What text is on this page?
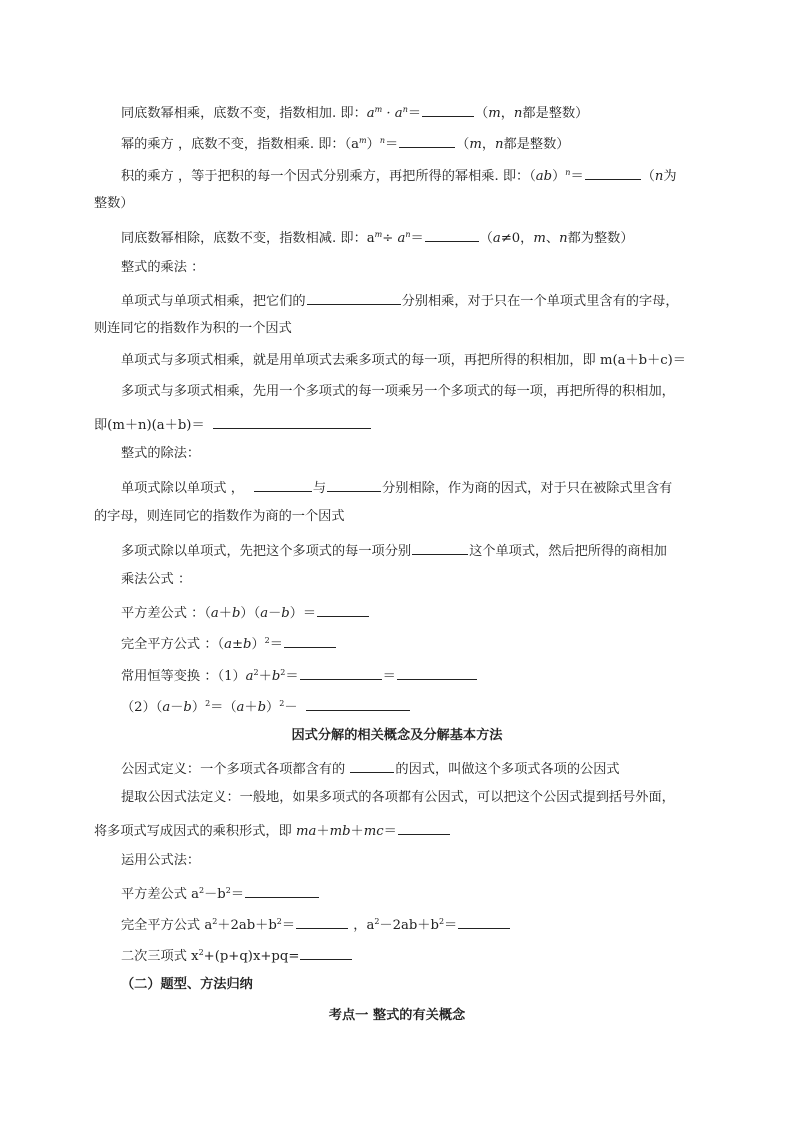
同底数幂相乘，底数不变，指数相加. 即：$a^m \cdot a^n=$	（m，n都是整数）
幂的乘方 ，底数不变，指数相乘. 即：$(a^m)^n=$	（m，n都是整数）
积的乘方 ，等于把积的每一个因式分别乘方，再把所得的幂相乘. 即：（ab）$^n$＝	（n为
整数）
同底数幂相除，底数不变，指数相减. 即：$a^m\div a^n=$	（a≠0，m、n都为整数）
整式的乘法 ：
单项式与单项式相乘，把它们的	分别相乘，对于只在一个单项式里含有的字母，
则连同它的指数作为积的一个因式
单项式与多项式相乘，就是用单项式去乘多项式的每一项，再把所得的积相加，即 m(a＋b＋c)＝
多项式与多项式相乘，先用一个多项式的每一项乘另一个多项式的每一项，再把所得的积相加，
即(m＋n)(a＋b)＝
整式的除法：
单项式除以单项式 ，	与	分别相除，作为商的因式，对于只在被除式里含有
的字母，则连同它的指数作为商的一个因式
多项式除以单项式，先把这个多项式的每一项分别	这个单项式，然后把所得的商相加
乘法公式 ：
平方差公式 ：（a＋b）（a－b）＝
完全平方公式 ：$(a\pm b)^2=$
常用恒等变换 ：$(1)a^2+b^2=$	＝
$(2)(a-b)^2=(a+b)^2-$
因式分解的相关概念及分解基本方法
公因式定义：一个多项式各项都含有的	的因式，叫做这个多项式各项的公因式
提取公因式法定义：一般地，如果多项式的各项都有公因式，可以把这个公因式提到括号外面，
将多项式写成因式的乘积形式，即 ma＋mb＋mc＝
运用公式法：
平方差公式 $a^2-b^2=$
完全平方公式 $a^2+2ab+b^2=$	，$a^2-2ab+b^2=$
二次三项式 $x^2+(p+q)x+pq=$
（二）题型、方法归纳
考点一 整式的有关概念
